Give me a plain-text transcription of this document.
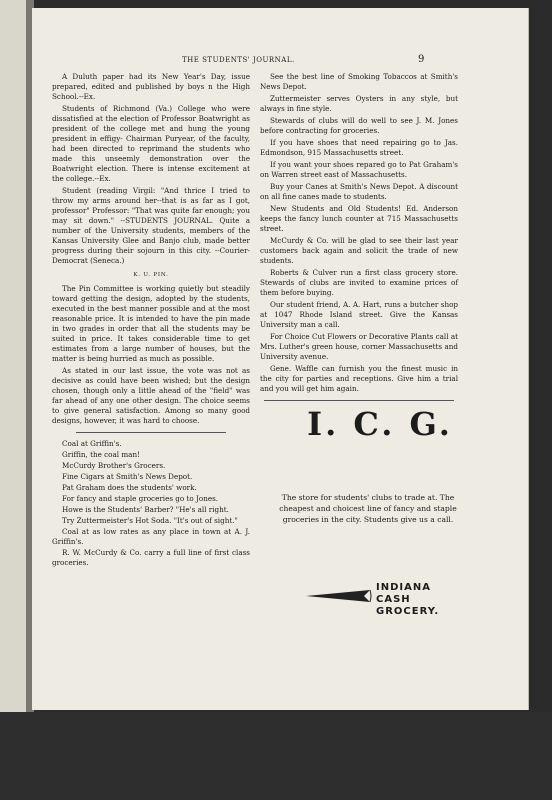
THE STUDENTS' JOURNAL.	9

A Duluth paper had its New Year's Day, issue prepared, edited and published by boys n the High School.--Ex.

Students of Richmond (Va.) College who were dissatisfied at the election of Professor Boatwright as president of the college met and hung the young president in effigy- Chairman Puryear, of the faculty, had been directed to reprimand the students who made this unseemly demonstration over the Boatwright election. There is intense excitement at the college.--Ex.

Student (reading Virgil: "And thrice I tried to throw my arms around her--that is as far as I got, professor" Professor: "That was quite far enough; you may sit down." --STUDENTS JOURNAL. Quite a number of the University students, members of the Kansas University Glee and Banjo club, made better progress during their sojourn in this city. --Courier-Democrat (Seneca.)

K. U. PIN.

The Pin Committee is working quietly but steadily toward getting the design, adopted by the students, executed in the best manner possible and at the most reasonable price. It is intended to have the pin made in two grades in order that all the students may be suited in price. It takes considerable time to get estimates from a large number of houses, but the matter is being hurried as much as possible.

As stated in our last issue, the vote was not as decisive as could have been wished; but the design chosen, though only a little ahead of the "field" was far ahead of any one other design. The choice seems to give general satisfaction. Among so many good designs, however, it was hard to choose.

Coal at Griffin's.

Griffin, the coal man!

McCurdy Brother's Grocers.

Fine Cigars at Smith's News Depot.

Pat Graham does the students' work.

For fancy and staple groceries go to Jones.

Howe is the Students' Barber? "He's all right.

Try Zuttermeister's Hot Soda. "It's out of sight."

Coal at as low rates as any place in town at A. J. Griffin's.

R. W. McCurdy & Co. carry a full line of first class groceries.

See the best line of Smoking Tobaccos at Smith's News Depot.

Zuttermeister serves Oysters in any style, but always in fine style.

Stewards of clubs will do well to see J. M. Jones before contracting for groceries.

If you have shoes that need repairing go to Jas. Edmondson, 915 Massachusetts street.

If you want your shoes repared go to Pat Graham's on Warren street east of Massachusetts.

Buy your Canes at Smith's News Depot. A discount on all fine canes made to students.

New Students and Old Students! Ed. Anderson keeps the fancy lunch counter at 715 Massachusetts street.

McCurdy & Co. will be glad to see their last year customers back again and solicit the trade of new students.

Roberts & Culver run a first class grocery store. Stewards of clubs are invited to examine prices of them before buying.

Our student friend, A. A. Hart, runs a butcher shop at 1047 Rhode Island street. Give the Kansas University man a call.

For Choice Cut Flowers or Decorative Plants call at Mrs. Luther's green house, corner Massachusetts and University avenue.

Gene. Waffle can furnish you the finest music in the city for parties and receptions. Give him a trial and you will get him again.

I. C. G.
The store for students' clubs to trade at. The cheapest and choicest line of fancy and staple groceries in the city. Students give us a call.
INDIANA
CASH
GROCERY.
